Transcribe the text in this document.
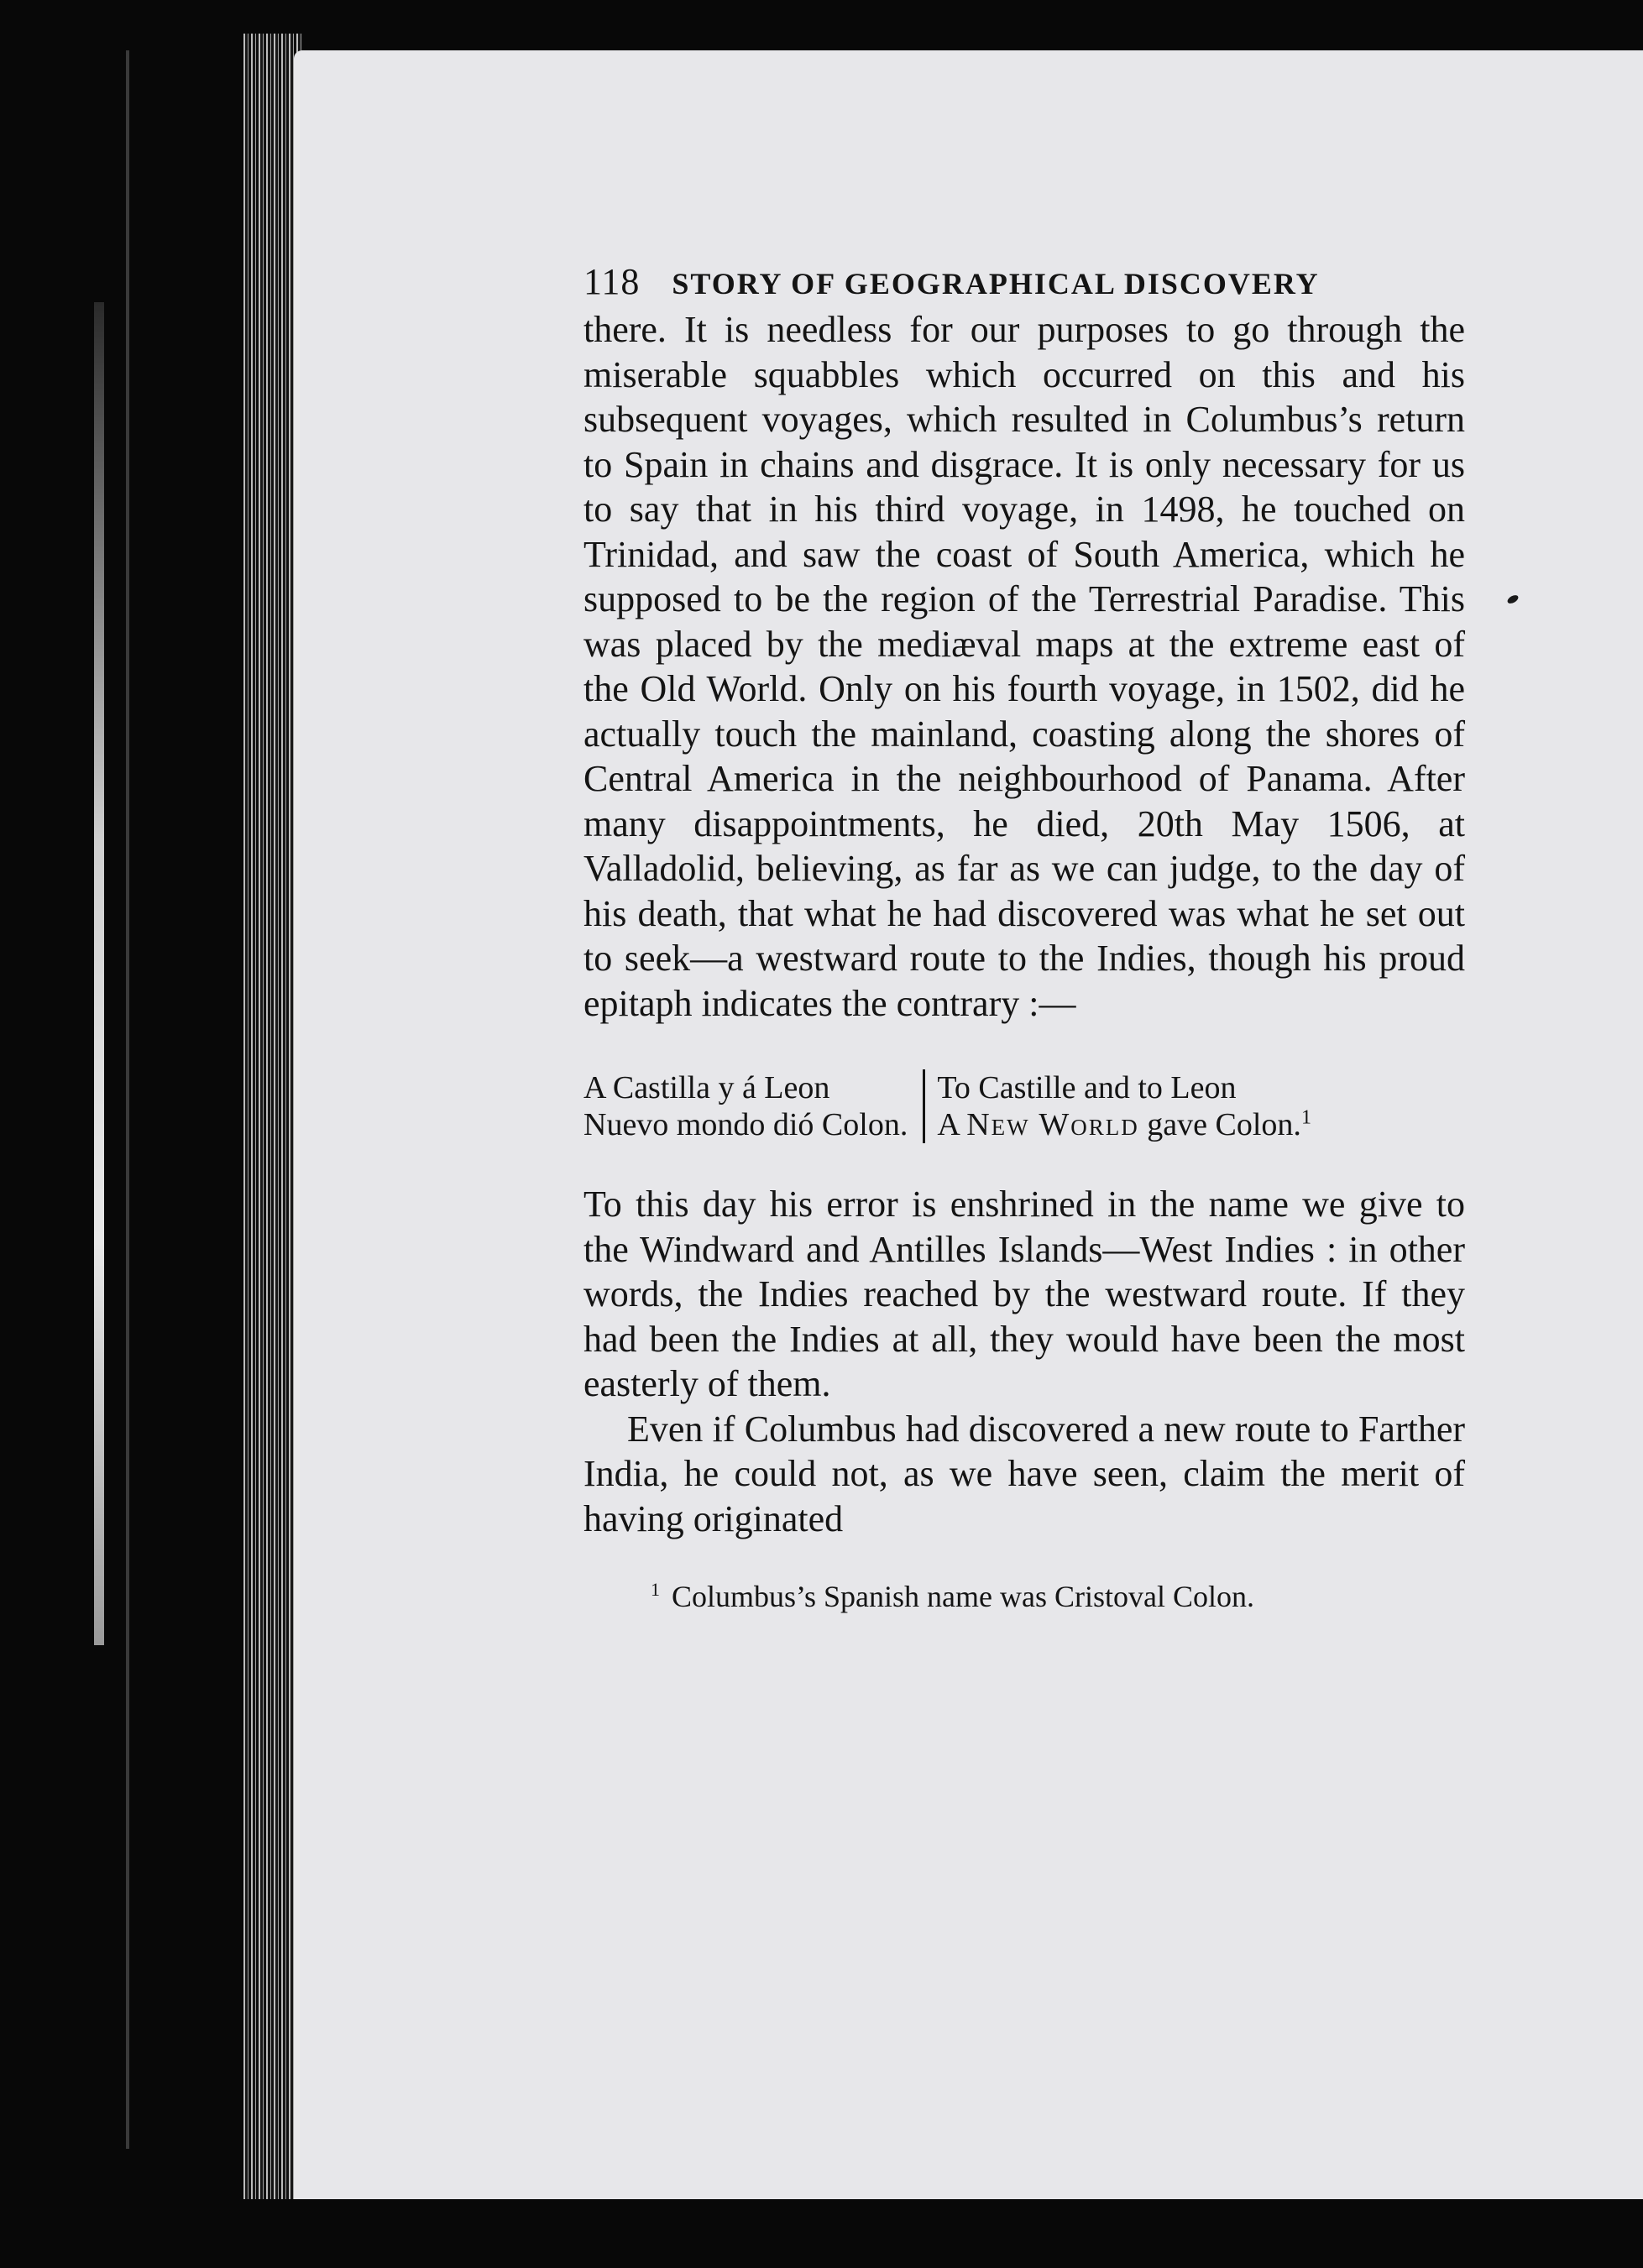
118 STORY OF GEOGRAPHICAL DISCOVERY

there. It is needless for our purposes to go through the miserable squabbles which occurred on this and his subsequent voyages, which resulted in Columbus’s return to Spain in chains and disgrace. It is only necessary for us to say that in his third voyage, in 1498, he touched on Trinidad, and saw the coast of South America, which he supposed to be the region of the Terrestrial Paradise. This was placed by the mediæval maps at the extreme east of the Old World. Only on his fourth voyage, in 1502, did he actually touch the mainland, coasting along the shores of Central America in the neighbourhood of Panama. After many disappointments, he died, 20th May 1506, at Valladolid, believing, as far as we can judge, to the day of his death, that what he had discovered was what he set out to seek—a westward route to the Indies, though his proud epitaph indicates the contrary :—

A Castilla y á Leon
Nuevo mondo dió Colon.
To Castille and to Leon
A New World gave Colon.$^1$

To this day his error is enshrined in the name we give to the Windward and Antilles Islands—West Indies : in other words, the Indies reached by the westward route. If they had been the Indies at all, they would have been the most easterly of them.

Even if Columbus had discovered a new route to Farther India, he could not, as we have seen, claim the merit of having originated

$^1$ Columbus’s Spanish name was Cristoval Colon.
